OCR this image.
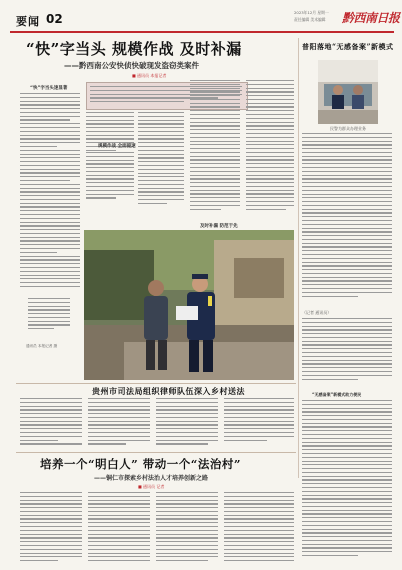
要闻 02	2023年12月 星期一
责任编辑 美术编辑 黔西南日报
“快”字当头 规模作战 及时补漏
——黔西南公安快侦快破现发盗窃类案件
■ 通讯员 本报记者
“快”字当头速显著
规模作战 全面提速
及时补漏 防范于先
通讯员 本报记者 摄
普阳落地“无感备案”新模式
民警为群众办理业务
（记者 通讯员）
“无感备案”新模式助力便民
贵州市司法局组织律师队伍深入乡村送法
培养一个“明白人” 带动一个“法治村”
——铜仁市探索乡村法治人才培养创新之路
■ 通讯员 记者
